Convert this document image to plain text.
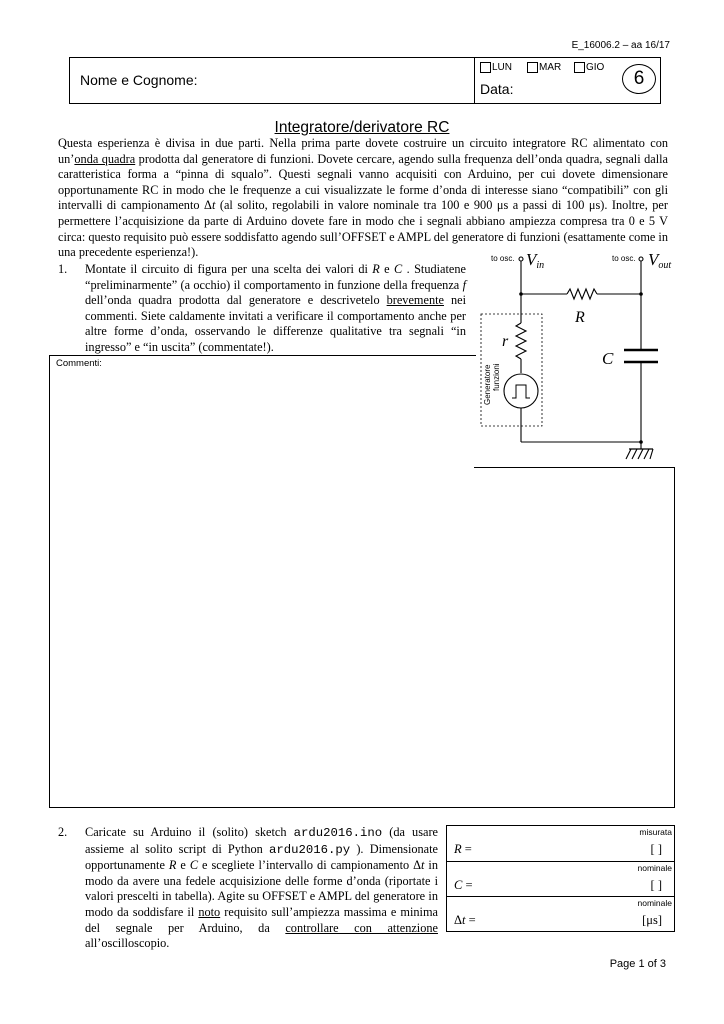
E_16006.2 – aa 16/17
Nome e Cognome:
LUN	MAR GIO
Data:	6
Integratore/derivatore RC
Questa esperienza è divisa in due parti. Nella prima parte dovete costruire un circuito integratore RC alimentato con un’onda quadra prodotta dal generatore di funzioni. Dovete cercare, agendo sulla frequenza dell’onda quadra, segnali dalla caratteristica forma a “pinna di squalo”. Questi segnali vanno acquisiti con Arduino, per cui dovete dimensionare opportunamente RC in modo che le frequenze a cui visualizzate le forme d’onda di interesse siano “compatibili” con gli intervalli di campionamento Δt (al solito, regolabili in valore nominale tra 100 e 900 μs a passi di 100 μs). Inoltre, per permettere l’acquisizione da parte di Arduino dovete fare in modo che i segnali abbiano ampiezza compresa tra 0 e 5 V circa: questo requisito può essere soddisfatto agendo sull’OFFSET e AMPL del generatore di funzioni (esattamente come in una precedente esperienza!).
1. Montate il circuito di figura per una scelta dei valori di R e C . Studiatene “preliminarmente” (a occhio) il comportamento in funzione della frequenza f dell’onda quadra prodotta dal generatore e descrivetelo brevemente nei commenti. Siete caldamente invitati a verificare il comportamento anche per altre forme d’onda, osservando le differenze qualitative tra segnali “in ingresso” e “in uscita” (commentate!).
Commenti:
to osc.	to osc.
Vin	Vout
R
r
C
Generatore funzioni
2. Caricate su Arduino il (solito) sketch ardu2016.ino (da usare assieme al solito script di Python ardu2016.py ). Dimensionate opportunamente R e C e scegliete l’intervallo di campionamento Δt in modo da avere una fedele acquisizione delle forme d’onda (riportate i valori prescelti in tabella). Agite su OFFSET e AMPL del generatore in modo da soddisfare il noto requisito sull’ampiezza massima e minima del segnale per Arduino, da controllare con attenzione all’oscilloscopio.
misurata
R =	[ ]
nominale
C =	[ ]
nominale
Δt =	[μs]
Page 1 of 3
